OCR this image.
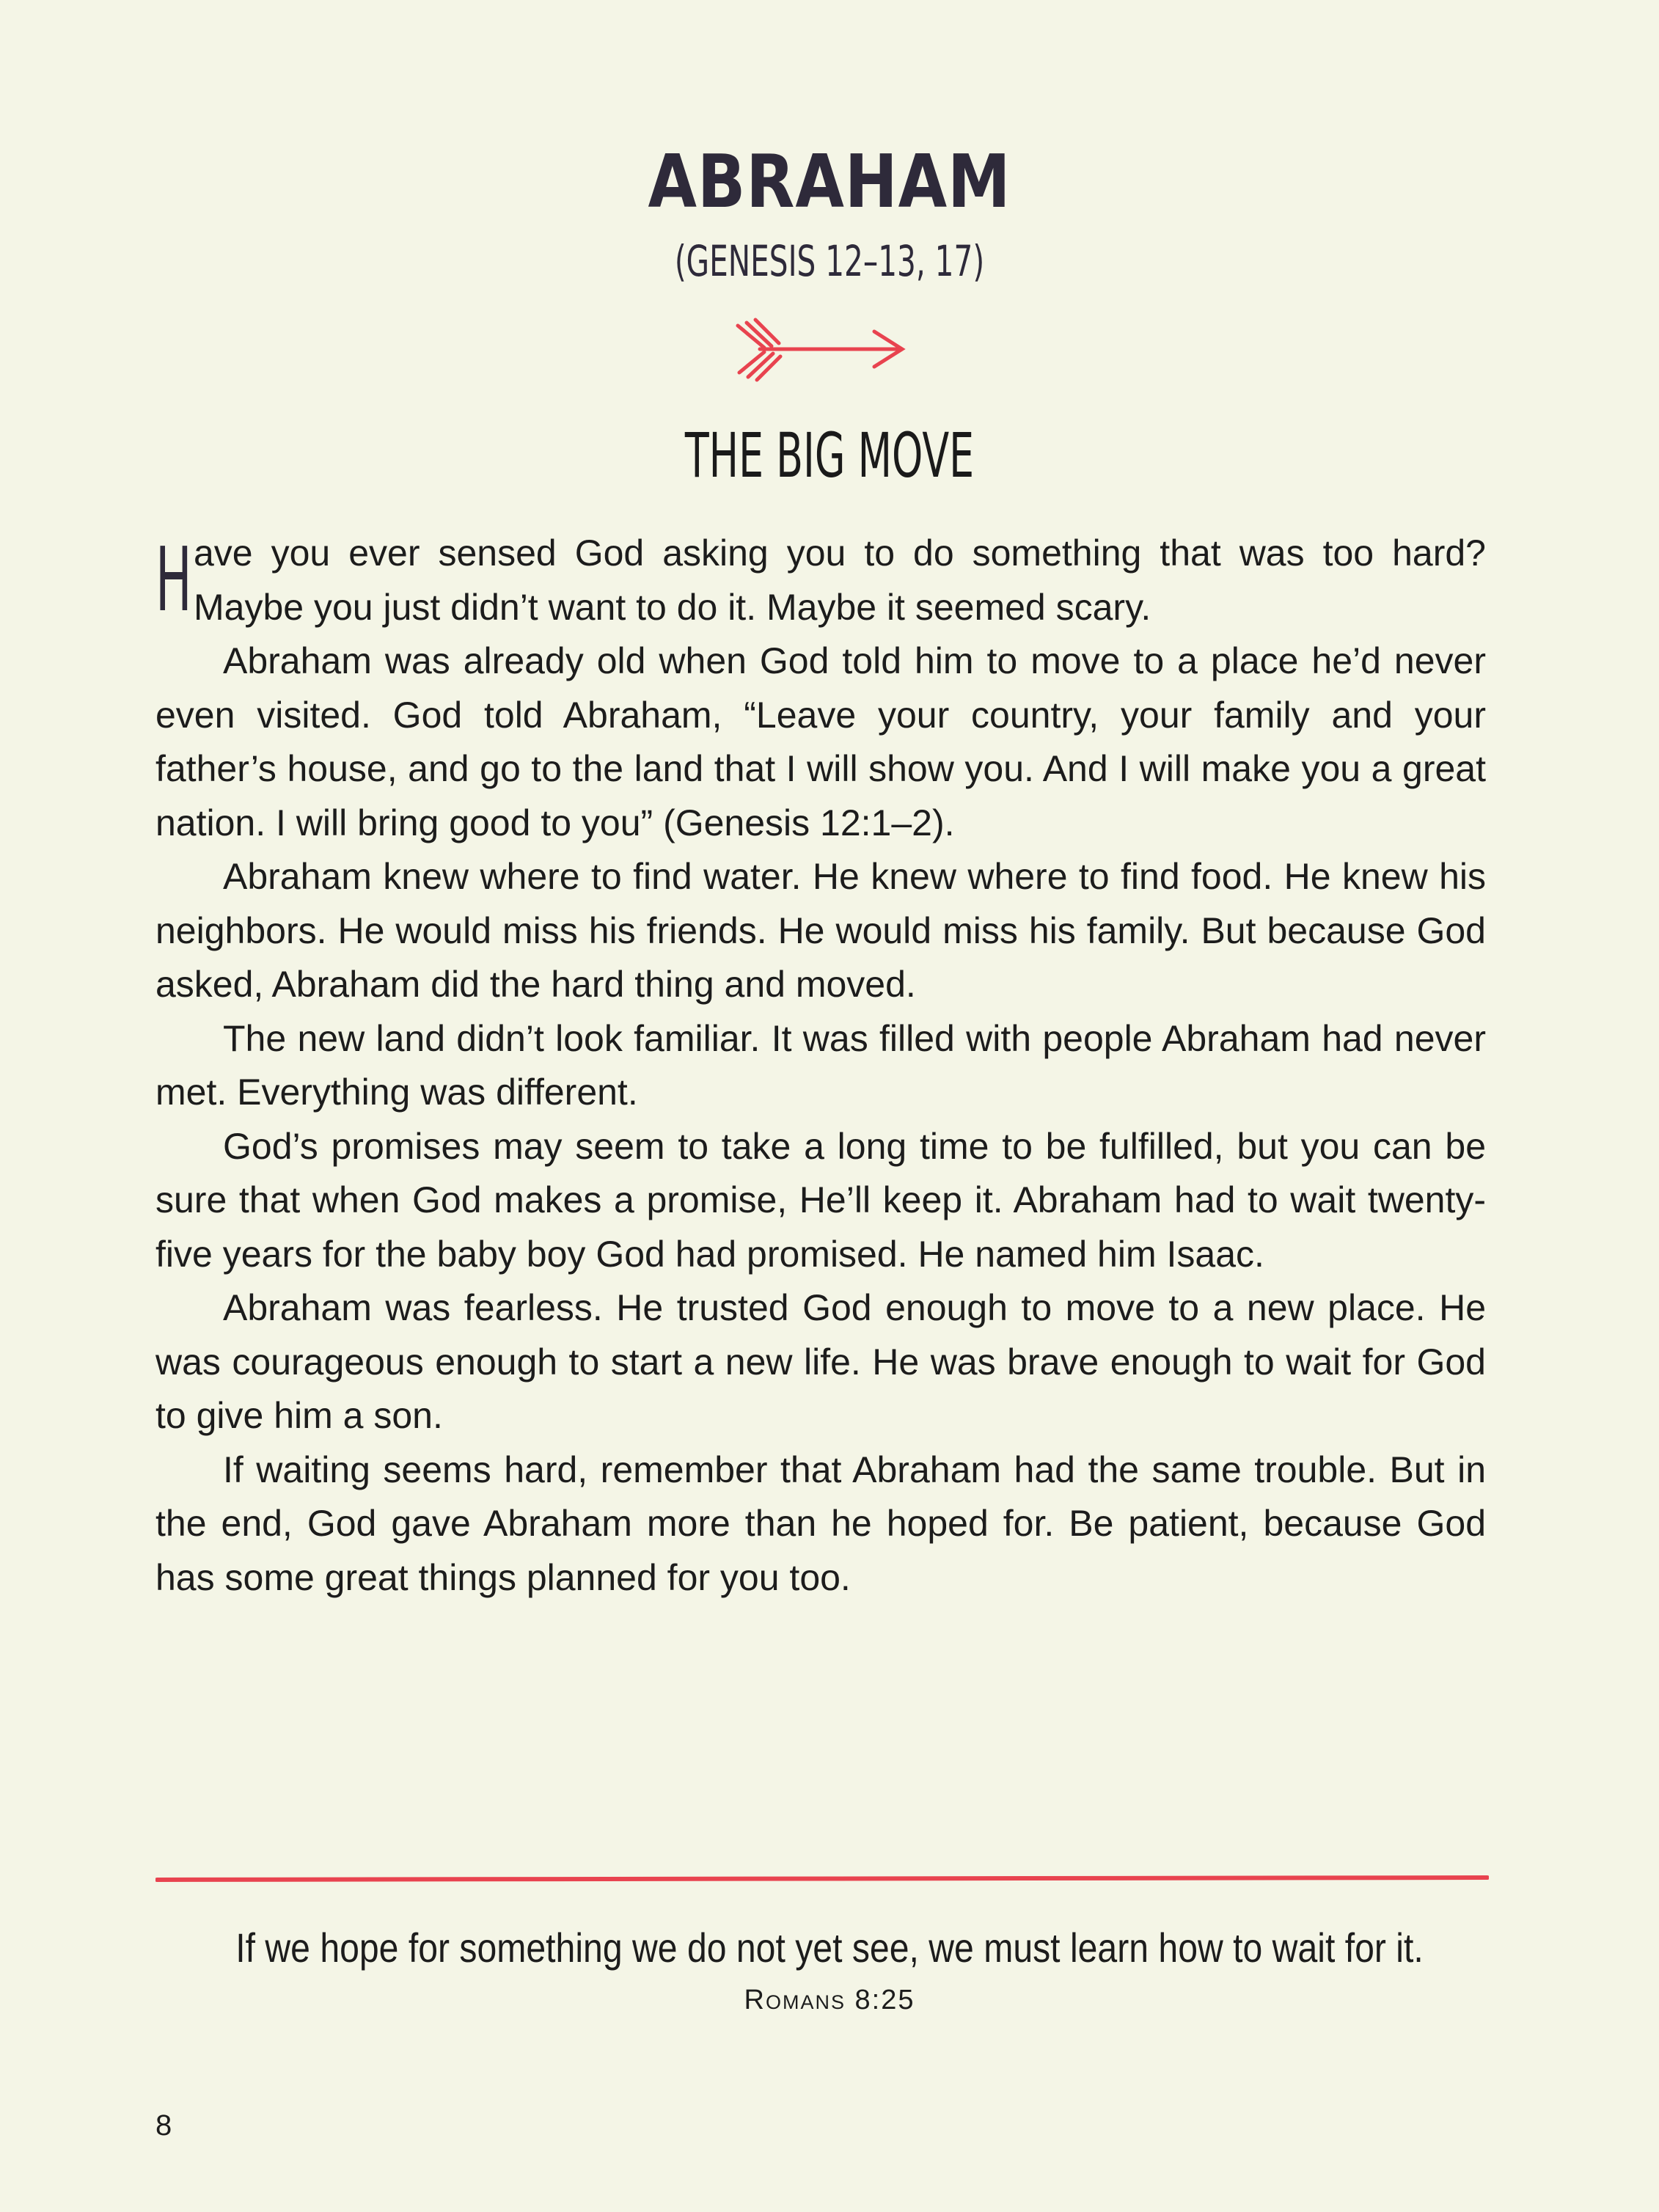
ABRAHAM
(GENESIS 12–13, 17)
THE BIG MOVE

Have you ever sensed God asking you to do something that was too hard? Maybe you just didn’t want to do it. Maybe it seemed scary.

Abraham was already old when God told him to move to a place he’d never even visited. God told Abraham, “Leave your country, your family and your father’s house, and go to the land that I will show you. And I will make you a great nation. I will bring good to you” (Genesis 12:1–2).

Abraham knew where to find water. He knew where to find food. He knew his neighbors. He would miss his friends. He would miss his family. But because God asked, Abraham did the hard thing and moved.

The new land didn’t look familiar. It was filled with people Abraham had never met. Everything was different.

God’s promises may seem to take a long time to be fulfilled, but you can be sure that when God makes a promise, He’ll keep it. Abraham had to wait twenty-five years for the baby boy God had promised. He named him Isaac.

Abraham was fearless. He trusted God enough to move to a new place. He was courageous enough to start a new life. He was brave enough to wait for God to give him a son.

If waiting seems hard, remember that Abraham had the same trouble. But in the end, God gave Abraham more than he hoped for. Be patient, because God has some great things planned for you too.

If we hope for something we do not yet see, we must learn how to wait for it.
Romans 8:25
8
